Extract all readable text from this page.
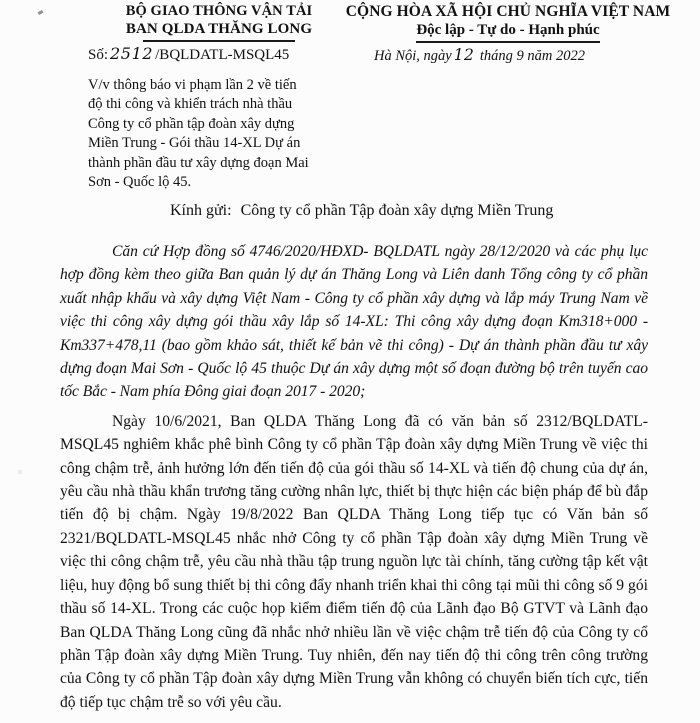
BỘ GIAO THÔNG VẬN TẢI
BAN QLDA THĂNG LONG
CỘNG HÒA XÃ HỘI CHỦ NGHĨA VIỆT NAM
Độc lập - Tự do - Hạnh phúc
Số: 2512 /BQLDATL-MSQL45	Hà Nội, ngày 12 tháng 9 năm 2022
V/v thông báo vi phạm lần 2 về tiến
độ thi công và khiển trách nhà thầu
Công ty cổ phần tập đoàn xây dựng
Miền Trung - Gói thầu 14-XL Dự án
thành phần đầu tư xây dựng đoạn Mai
Sơn - Quốc lộ 45.
Kính gửi: Công ty cổ phần Tập đoàn xây dựng Miền Trung

Căn cứ Hợp đồng số 4746/2020/HĐXD- BQLDATL ngày 28/12/2020 và các phụ lục hợp đồng kèm theo giữa Ban quản lý dự án Thăng Long và Liên danh Tổng công ty cổ phần xuất nhập khẩu và xây dựng Việt Nam - Công ty cổ phần xây dựng và lắp máy Trung Nam về việc thi công xây dựng gói thầu xây lắp số 14-XL: Thi công xây dựng đoạn Km318+000 - Km337+478,11 (bao gồm khảo sát, thiết kế bản vẽ thi công) - Dự án thành phần đầu tư xây dựng đoạn Mai Sơn - Quốc lộ 45 thuộc Dự án xây dựng một số đoạn đường bộ trên tuyến cao tốc Bắc - Nam phía Đông giai đoạn 2017 - 2020;

Ngày 10/6/2021, Ban QLDA Thăng Long đã có văn bản số 2312/BQLDATL-MSQL45 nghiêm khắc phê bình Công ty cổ phần Tập đoàn xây dựng Miền Trung về việc thi công chậm trễ, ảnh hưởng lớn đến tiến độ của gói thầu số 14-XL và tiến độ chung của dự án, yêu cầu nhà thầu khẩn trương tăng cường nhân lực, thiết bị thực hiện các biện pháp để bù đắp tiến độ bị chậm. Ngày 19/8/2022 Ban QLDA Thăng Long tiếp tục có Văn bản số 2321/BQLDATL-MSQL45 nhắc nhở Công ty cổ phần Tập đoàn xây dựng Miền Trung về việc thi công chậm trễ, yêu cầu nhà thầu tập trung nguồn lực tài chính, tăng cường tập kết vật liệu, huy động bổ sung thiết bị thi công đẩy nhanh triển khai thi công tại mũi thi công số 9 gói thầu số 14-XL. Trong các cuộc họp kiểm điểm tiến độ của Lãnh đạo Bộ GTVT và Lãnh đạo Ban QLDA Thăng Long cũng đã nhắc nhở nhiều lần về việc chậm trễ tiến độ của Công ty cổ phần Tập đoàn xây dựng Miền Trung. Tuy nhiên, đến nay tiến độ thi công trên công trường của Công ty cổ phần Tập đoàn xây dựng Miền Trung vẫn không có chuyển biến tích cực, tiến độ tiếp tục chậm trễ so với yêu cầu.
